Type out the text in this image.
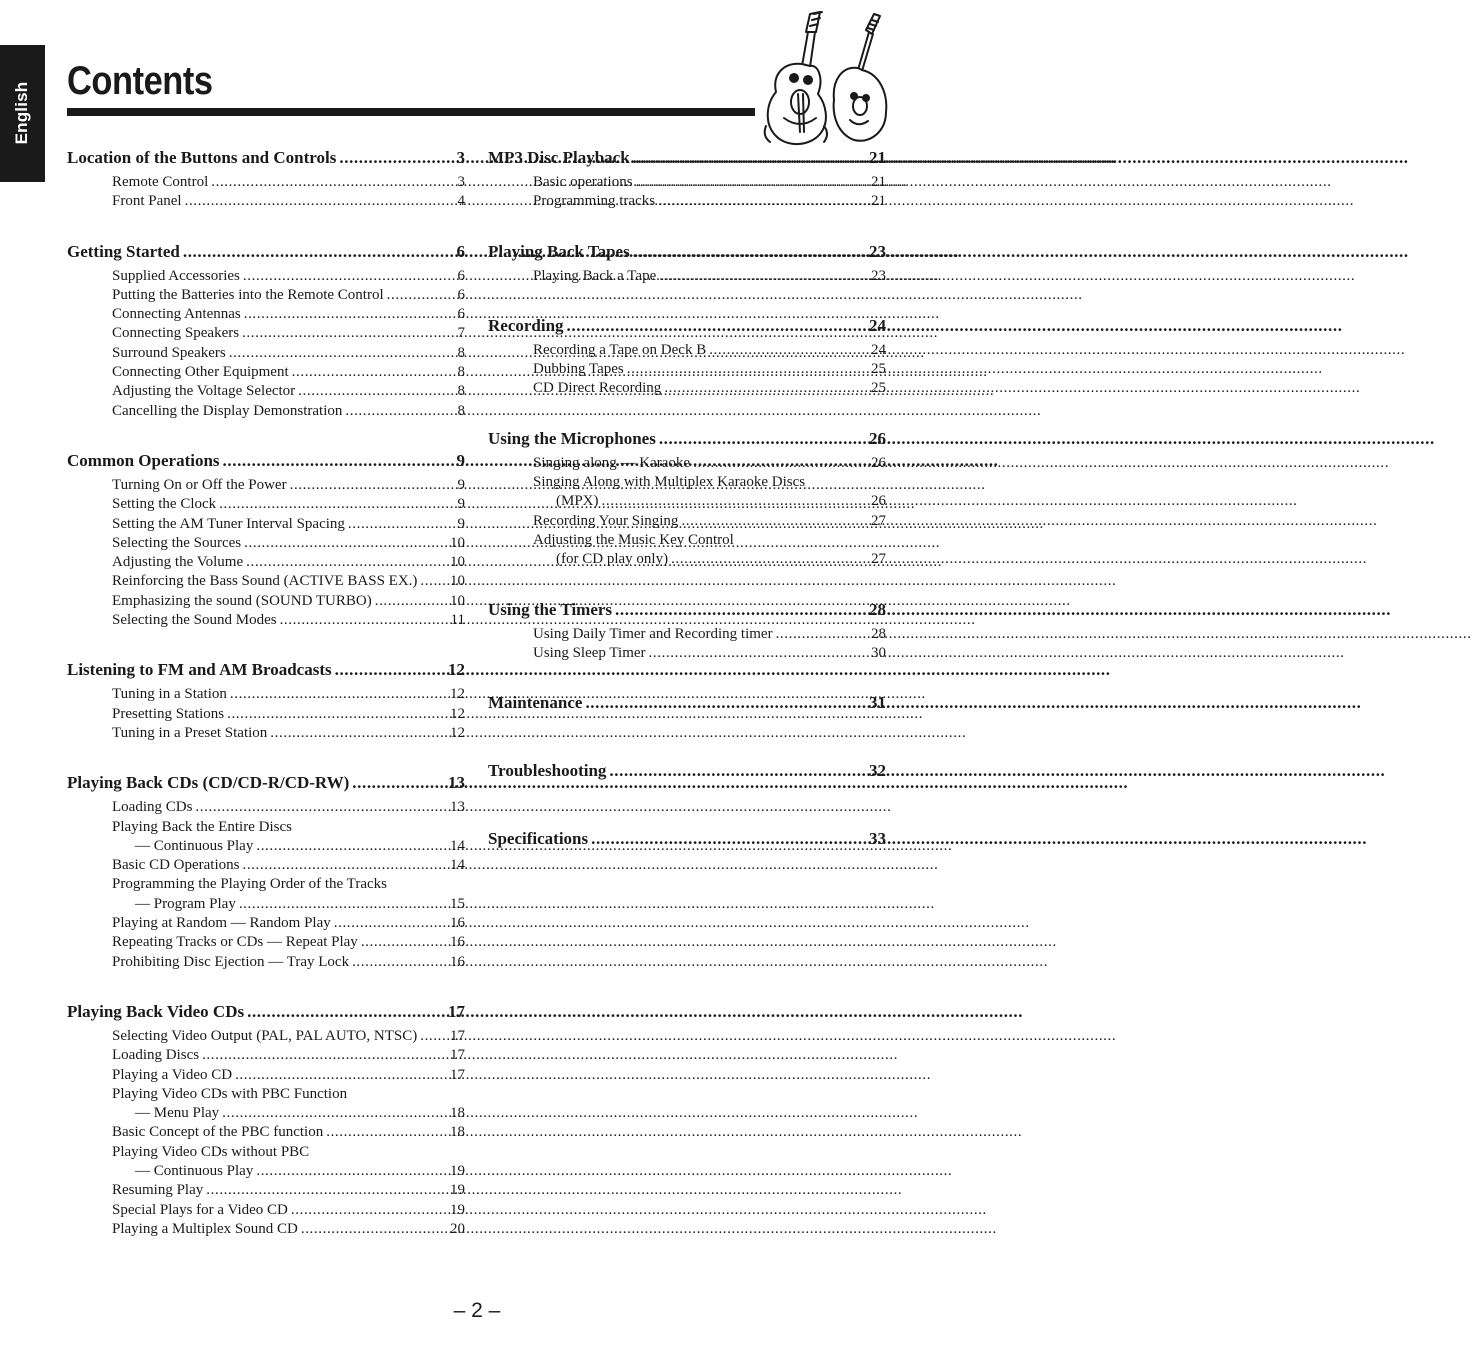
English
Contents
Location of the Buttons and Controls .....	3
Remote Control .....	3
Front Panel .....	4
Getting Started .....	6
Supplied Accessories .....	6
Putting the Batteries into the Remote Control .....	6
Connecting Antennas .....	6
Connecting Speakers .....	7
Surround Speakers .....	8
Connecting Other Equipment .....	8
Adjusting the Voltage Selector .....	8
Cancelling the Display Demonstration .....	8
Common Operations .....	9
Turning On or Off the Power .....	9
Setting the Clock .....	9
Setting the AM Tuner Interval Spacing .....	9
Selecting the Sources .....	10
Adjusting the Volume .....	10
Reinforcing the Bass Sound (ACTIVE BASS EX.) ..... 10
Emphasizing the sound (SOUND TURBO) .....	10
Selecting the Sound Modes .....	11
Listening to FM and AM Broadcasts .....	12
Tuning in a Station .....	12
Presetting Stations .....	12
Tuning in a Preset Station .....	12
Playing Back CDs (CD/CD-R/CD-RW) .....	13
Loading CDs .....	13
Playing Back the Entire Discs
— Continuous Play .....	14
Basic CD Operations .....	14
Programming the Playing Order of the Tracks
— Program Play .....	15
Playing at Random — Random Play .....	16
Repeating Tracks or CDs — Repeat Play .....	16
Prohibiting Disc Ejection — Tray Lock .....	16
Playing Back Video CDs .....	17
Selecting Video Output (PAL, PAL AUTO, NTSC) ..... 17
Loading Discs .....	17
Playing a Video CD .....	17
Playing Video CDs with PBC Function
— Menu Play .....	18
Basic Concept of the PBC function .....	18
Playing Video CDs without PBC
— Continuous Play .....	19
Resuming Play .....	19
Special Plays for a Video CD .....	19
Playing a Multiplex Sound CD .....	20
MP3 Disc Playback .....	21
Basic operations .....	21
Programming tracks .....	21
Playing Back Tapes .....	23
Playing Back a Tape .....	23
Recording .....	24
Recording a Tape on Deck B .....	24
Dubbing Tapes .....	25
CD Direct Recording .....	25
Using the Microphones .....	26
Singing along — Karaoke .....	26
Singing Along with Multiplex Karaoke Discs
(MPX) .....	26
Recording Your Singing .....	27
Adjusting the Music Key Control
(for CD play only) .....	27
Using the Timers .....	28
Using Daily Timer and Recording timer .....	28
Using Sleep Timer .....	30
Maintenance .....	31
Troubleshooting .....	32
Specifications .....	33
– 2 –
